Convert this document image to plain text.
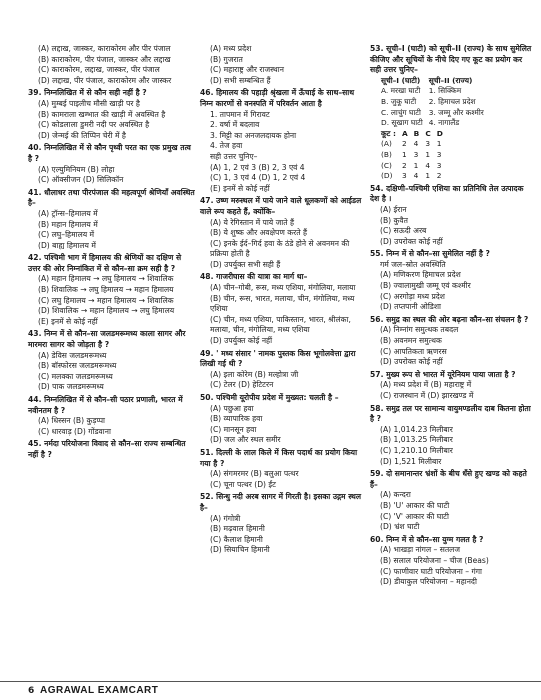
(A) लद्दाख, जास्कर, काराकोरम और पीर पंजाल
(B) काराकोरम, पीर पंजाल, जास्कर और लद्दाख
(C) काराकोरम, लद्दाख, जास्कर, पीर पंजाल
(D) लद्दाख, पीर पंजाल, काराकोरम और जास्कर
39. निम्नलिखित में से कौन सही नहीं है ?
(A) मुम्बई पाइलीच मौसी खाड़ी पर है
(B) कामराला खम्भात की खाड़ी में अवस्थित है
(C) कोडलाला डुमरी नदी पर अवस्थित है
(D) जेन्मई की तिप्पिन चेरी में है
40. निम्नलिखित में से कौन पृथ्वी परत का एक प्रमुख तत्व है ?
(A) एल्युमिनियम (B) लोहा
(C) ऑक्सीजन (D) सिलिकॉन
41. धौलाधर तथा पीरपंजाल की महत्वपूर्ण श्रेणियाँ अवस्थित है–
(A) ट्रॉन्स–हिमालय में
(B) महान हिमालय में
(C) लघु–हिमालय में
(D) बाह्य हिमालय में
42. पश्चिमी भाग में हिमालय की श्रेणियों का दक्षिण से उत्तर की ओर निम्नांकित में से कौन–सा क्रम सही है ?
(A) महान हिमालय → लघु हिमालय → शिवालिक
(B) शिवालिक → लघु हिमालय → महान हिमालय
(C) लघु हिमालय → महान हिमालय → शिवालिक
(D) शिवालिक → महान हिमालय → लघु हिमालय
(E) इनमें से कोई नहीं
43. निम्न में से कौन–सा जलडमरूमध्य काला सागर और मारमरा सागर को जोड़ता है ?
(A) डेविस जलडमरूमध्य
(B) बॉस्फोरस जलडमरूमध्य
(C) मलक्का जलडमरूमध्य
(D) पाक जलडमरूमध्य
44. निम्नलिखित में से कौन–सी पठार प्रणाली, भारत में नवीनतम है ?
(A) धिस्सन (B) कुड़प्पा
(C) धारवाड़ (D) गोंडवाना
45. नर्मदा परियोजना विवाद से कौन–सा राज्य सम्बन्धित नहीं है ?
(A) मध्य प्रदेश
(B) गुजरात
(C) महाराष्ट्र और राजस्थान
(D) सभी सम्बन्धित हैं
46. हिमालय की पहाड़ी श्रृंखला में ऊँचाई के साथ–साथ निम्न कारणों से वनस्पति में परिवर्तन आता है
1. तापमान में गिरावट
2. वर्षा में बदलाव
3. मिट्टी का अनजलदायक होना
4. तेज हवा
सही उत्तर चुनिए–
(A) 1, 2 एवं 3 (B) 2, 3 एवं 4
(C) 1, 3 एवं 4 (D) 1, 2 एवं 4
(E) इनमें से कोई नहीं
47. उष्ण मरुस्थल में पाये जाने वाले धूलकणों को आईडल वाले रूप कहते हैं, क्योंकि–
(A) ये रेगिस्तान में पाये जाते हैं
(B) ये शुष्क और अवक्षेपण करते हैं
(C) इनके ईर्द–गिर्द हवा के ठंडे होने से अवनमन की प्रक्रिया होती है
(D) उपर्युक्त सभी सही हैं
48. गाजरीघास की यात्रा का मार्ग था–
(A) चीन–गोबी, रूस, मध्य एशिया, मंगोलिया, मलाया
(B) चीन, रूस, भारत, मलाया, चीन, मंगोलिया, मध्य एशिया
(C) चीन, मध्य एशिया, पाकिस्तान, भारत, श्रीलंका, मलाया, चीन, मंगोलिया, मध्य एशिया
(D) उपर्युक्त कोई नहीं
49. ' मध्य संसार ' नामक पुस्तक किस भूगोलवेत्ता द्वारा लिखी गई थी ?
(A) इला कोरेम (B) मल्होत्रा जी
(C) टेलर (D) हेटिटरन
50. पश्चिमी यूरोपीय प्रदेश में मुख्यत: चलती है –
(A) पछुआ हवा
(B) व्यापारिक हवा
(C) मानसून हवा
(D) जल और स्थल समीर
51. दिल्ली के लाल किले में किस पदार्थ का प्रयोग किया गया है ?
(A) संगमरमर (B) बलुआ पत्थर
(C) चूना पत्थर (D) ईंट
52. सिन्धु नदी अरब सागर में गिरती है। इसका उद्गम स्थल है–
(A) गंगोत्री
(B) मढ़वाल हिमानी
(C) कैलाश हिमानी
(D) सियाचिन हिमानी
53. सूची–I (घाटी) को सूची–II (राज्य) के साथ सुमेलित कीजिए और सूचियों के नीचे दिए गए कूट का प्रयोग कर सही उत्तर चुनिए–
सूची–I (घाटी)	सूची–II (राज्य)
A. मरखा घाटी	1. सिक्किम
B. जुकू घाटी	2. हिमाचल प्रदेश
C. लाचुंग घाटी	3. जम्मू और कश्मीर
D. सूखाग घाटी	4. नागालैंड
कूट :	A	B	C	D
(A)	2	4	3	1
(B)	1	3	1	3
(C)	2	1	4	3
(D)	3	4	1	2
54. दक्षिणी–पश्चिमी एशिया का प्रतिनिधि तेल उत्पादक देश है ।
(A) ईरान
(B) कुवैत
(C) सऊदी अरब
(D) उपरोक्त कोई नहीं
55. निम्न में से कौन–सा सुमेलित नहीं है ?
गर्म जल–स्रोत अवस्थिति
(A) मणिकरण हिमाचल प्रदेश
(B) ज्वालामुखी जम्मू एवं कश्मीर
(C) अरगोड़ा मध्य प्रदेश
(D) तप्तपानी ओडिशा
56. समुद्र का स्थल की ओर बढ़ना कौन–सा संचलन है ?
(A) निम्नांग समुत्थक तबदल
(B) अवनमन समुत्थक
(C) आपतिकता ऋणरस
(D) उपरोक्त कोई नहीं
57. मुख्य रूप से भारत में यूरेनियम पाया जाता है ?
(A) मध्य प्रदेश में (B) महाराष्ट्र में
(C) राजस्थान में (D) झारखण्ड में
58. समुद्र तल पर सामान्य वायुमण्डलीय दाब कितना होता है ?
(A) 1,014.23 मिलीबार
(B) 1,013.25 मिलीबार
(C) 1,210.10 मिलीबार
(D) 1,521 मिलीबार
59. दो समानान्तर भ्रंशों के बीच धँसे हुए खण्ड को कहते हैं–
(A) कन्दरा
(B) 'U' आकार की घाटी
(C) 'V' आकार की घाटी
(D) भ्रंश घाटी
60. निम्न में से कौन–सा युग्म गलत है ?
(A) भाखड़ा नांगल – सतलज
(B) सलाल परियोजना – चीज (Beas)
(C) फाणीवार घाटी परियोजना – गंगा
(D) डीयाकुल परियोजना – महानदी
6 AGRAWAL EXAMCART
